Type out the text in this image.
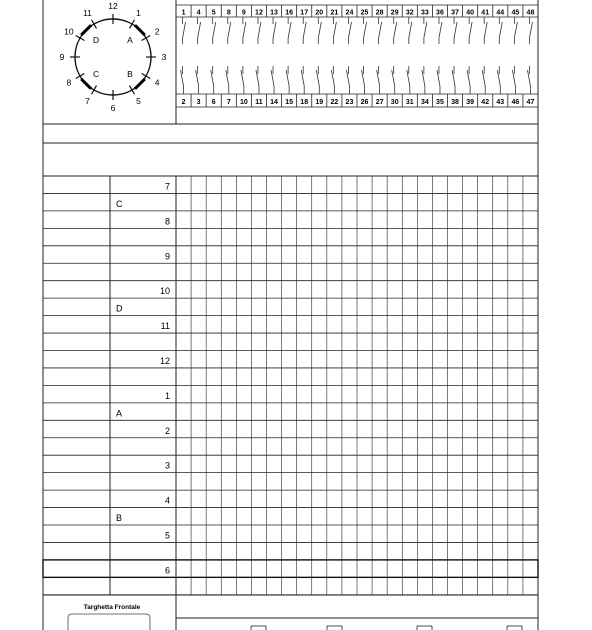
12
1
2
3
4
5
6
7
8
9
10
11
A
B
C
D
1
2
4
3
5
6
8
7
9
10
12
11
13
14
16
15
17
18
20
19
21
22
24
23
25
26
28
27
29
30
32
31
33
34
36
35
37
38
40
39
41
42
44
43
45
46
48
47
7
C
8
9
10
D
11
12
1
A
2
3
4
B
5
6
Targhetta Frontale
